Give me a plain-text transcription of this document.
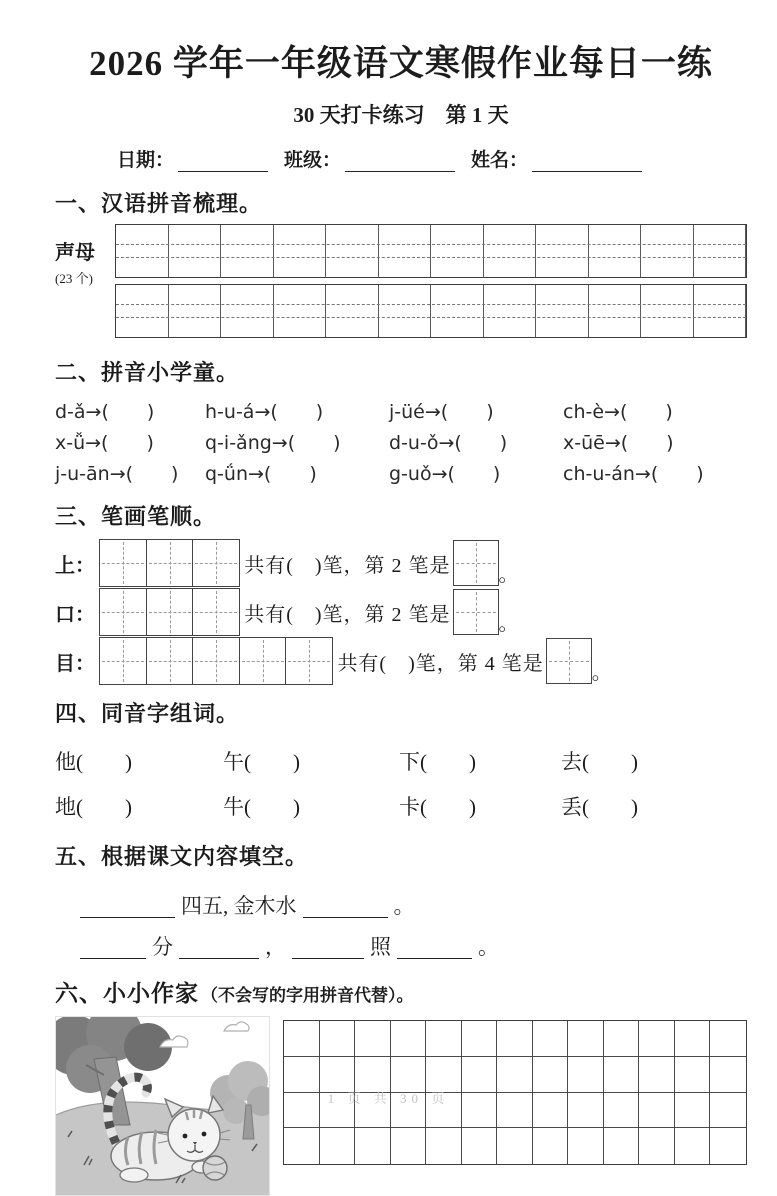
2026 学年一年级语文寒假作业每日一练
30 天打卡练习　第 1 天
日期：	班级：	姓名：
一、汉语拼音梳理。
声母
(23 个)
二、拼音小学童。
d-ǎ→(　　)	h-u-á→(　　)	j-üé→(　　)	ch-è→(　　)
x-ǚ→(　　)	q-i-ǎng→(　　)	d-u-ǒ→(　　)	x-ūē→(　　)
j-u-ān→(　　)	q-ǘn→(　　)	g-uǒ→(　　)	ch-u-án→(　　)
三、笔画笔顺。
上：	共有(　)笔，第 2 笔是 。
口：	共有(　)笔，第 2 笔是 。
目：	共有(　)笔，第 4 笔是 。
四、同音字组词。
他(　　)	午(　　)	下(　　)	去(　　)
地(　　)	牛(　　)	卡(　　)	丢(　　)
五、根据课文内容填空。
四五, 金木水	。
分	，	照	。
六、小小作家 （不会写的字用拼音代替）。
1 页 共 30 页
